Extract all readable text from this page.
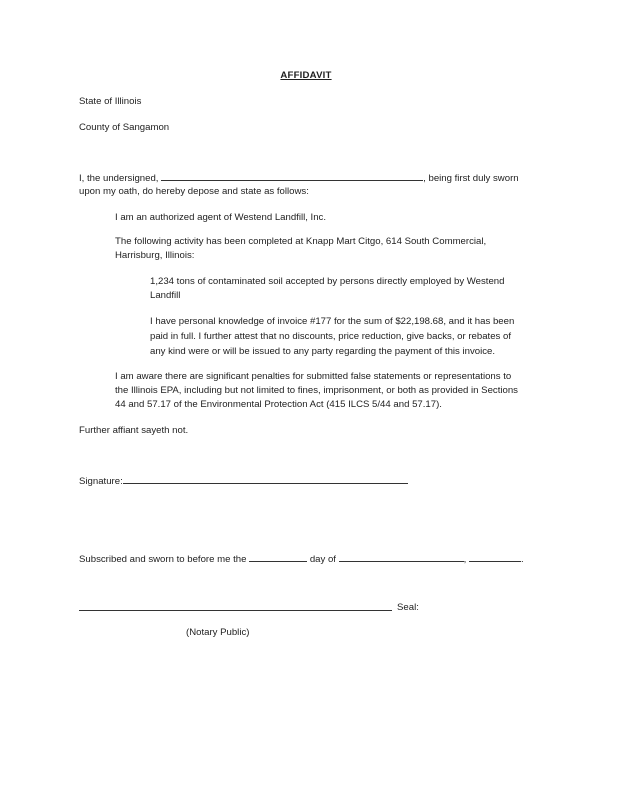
AFFIDAVIT
State of Illinois
County of Sangamon
I, the undersigned,	, being first duly sworn
upon my oath, do hereby depose and state as follows:
I am an authorized agent of Westend Landfill, Inc.
The following activity has been completed at Knapp Mart Citgo, 614 South Commercial,
Harrisburg, Illinois:
1,234 tons of contaminated soil accepted by persons directly employed by Westend
Landfill
I have personal knowledge of invoice #177 for the sum of $22,198.68, and it has been
paid in full. I further attest that no discounts, price reduction, give backs, or rebates of
any kind were or will be issued to any party regarding the payment of this invoice.
I am aware there are significant penalties for submitted false statements or representations to
the Illinois EPA, including but not limited to fines, imprisonment, or both as provided in Sections
44 and 57.17 of the Environmental Protection Act (415 ILCS 5/44 and 57.17).
Further affiant sayeth not.
Signature:
Subscribed and sworn to before me the	day of	,	.
Seal:
(Notary Public)
